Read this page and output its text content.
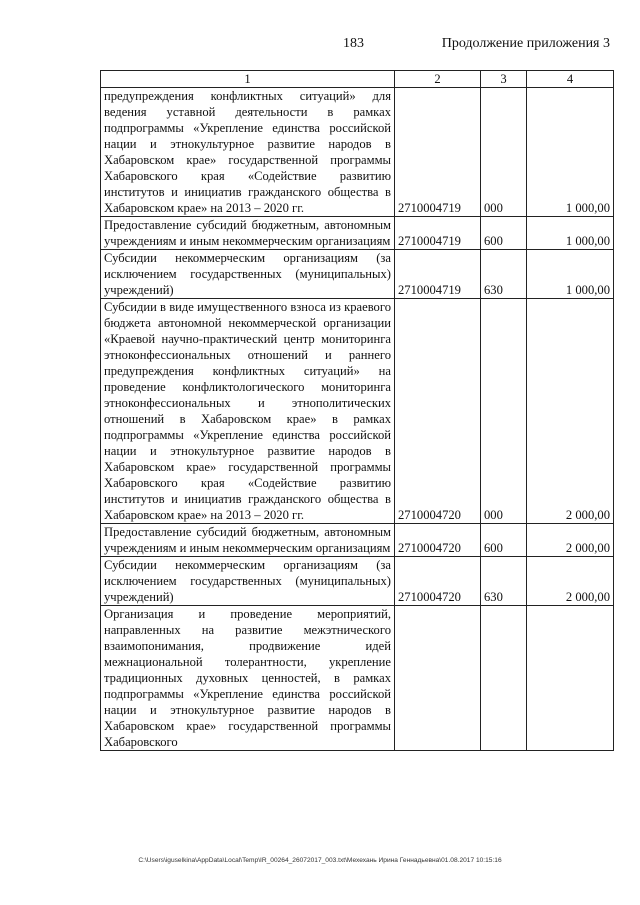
183	Продолжение приложения 3
1	2	3	4
предупреждения конфликтных ситуаций» для ведения уставной деятельности в рамках подпрограммы «Укрепление единства российской нации и этнокультурное развитие народов в Хабаровском крае» государственной программы Хабаровского края «Содействие развитию институтов и инициатив гражданского общества в Хабаровском крае» на 2013 – 2020 гг.	2710004719	000	1 000,00
Предоставление субсидий бюджетным, автономным учреждениям и иным некоммерческим организациям	2710004719	600	1 000,00
Субсидии некоммерческим организациям (за исключением государственных (муниципальных) учреждений)	2710004719	630	1 000,00
Субсидии в виде имущественного взноса из краевого бюджета автономной некоммерческой организации «Краевой научно-практический центр мониторинга этноконфессиональных отношений и раннего предупреждения конфликтных ситуаций» на проведение конфликтологического мониторинга этноконфессиональных и этнополитических отношений в Хабаровском крае» в рамках подпрограммы «Укрепление единства российской нации и этнокультурное развитие народов в Хабаровском крае» государственной программы Хабаровского края «Содействие развитию институтов и инициатив гражданского общества в Хабаровском крае» на 2013 – 2020 гг.	2710004720	000	2 000,00
Предоставление субсидий бюджетным, автономным учреждениям и иным некоммерческим организациям	2710004720	600	2 000,00
Субсидии некоммерческим организациям (за исключением государственных (муниципальных) учреждений)	2710004720	630	2 000,00
Организация и проведение мероприятий, направленных на развитие межэтнического взаимопонимания, продвижение идей межнациональной толерантности, укрепление традиционных духовных ценностей, в рамках подпрограммы «Укрепление единства российской нации и этнокультурное развитие народов в Хабаровском крае» государственной программы Хабаровского			
C:\Users\iguselkina\AppData\Local\Temp\IR_00264_26072017_003.txt\Мехехань Ирина Геннадьевна\01.08.2017 10:15:16
